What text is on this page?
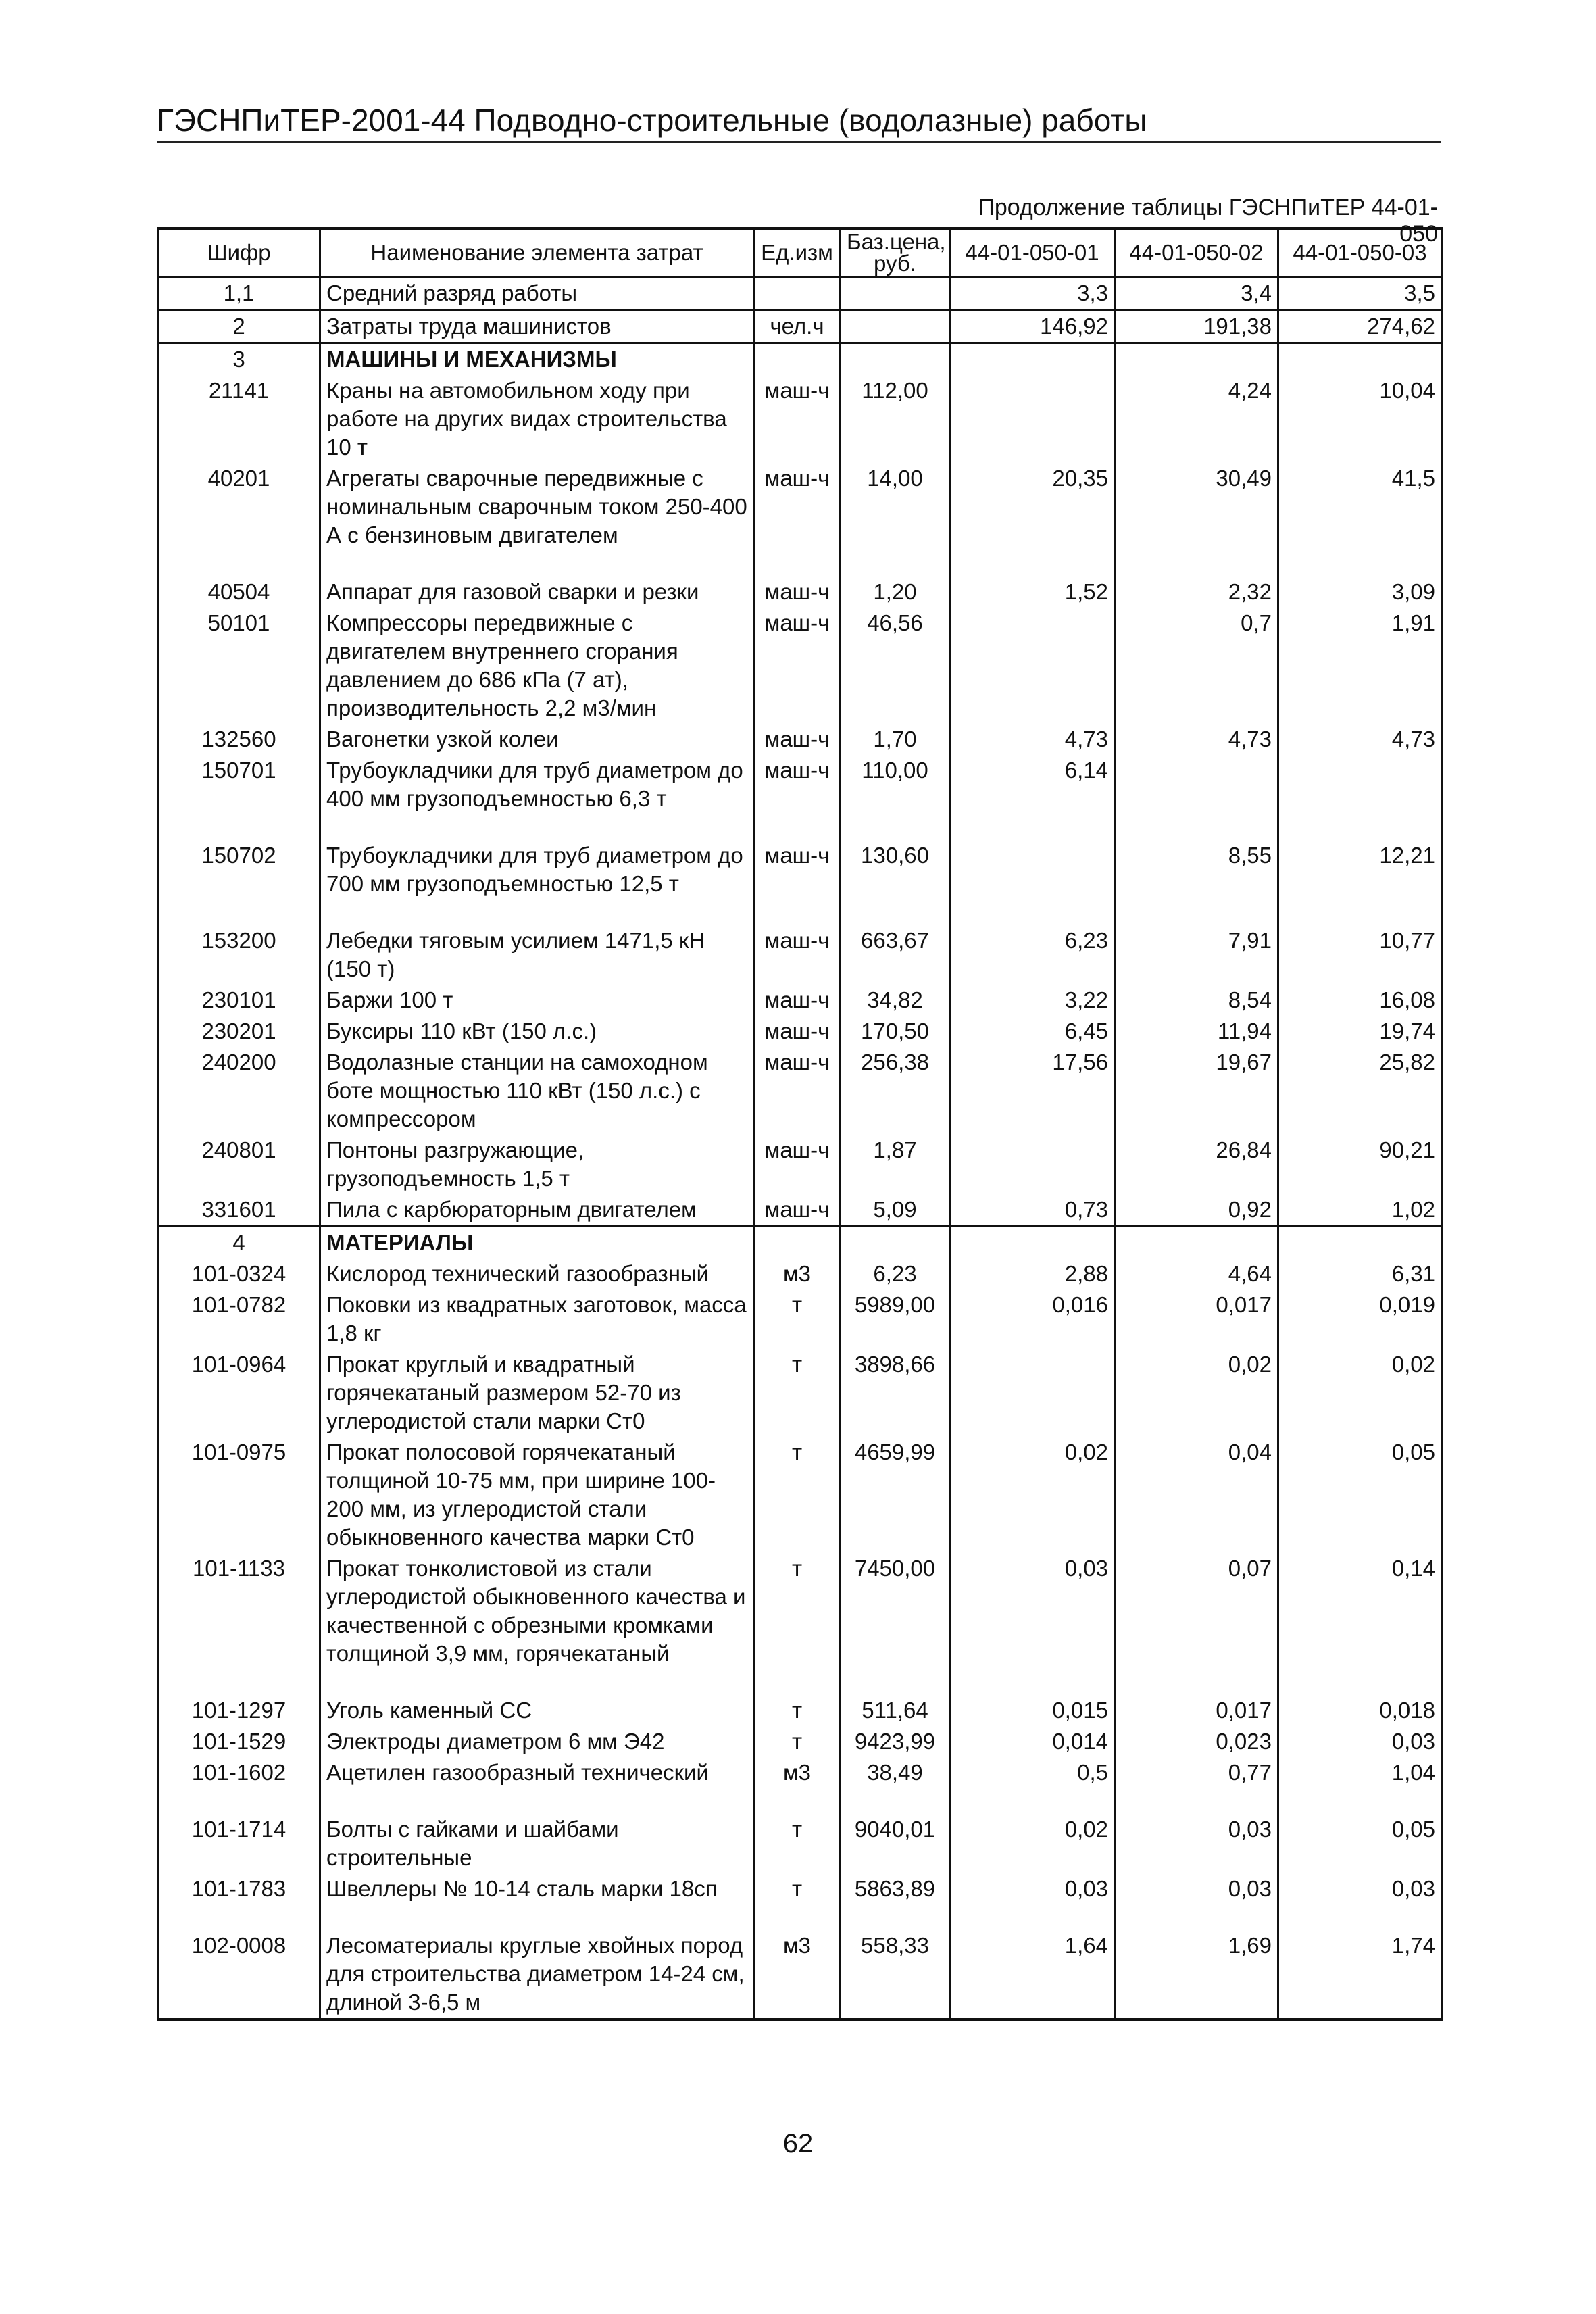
ГЭСНПиТЕР-2001-44 Подводно-строительные (водолазные) работы
Продолжение таблицы ГЭСНПиТЕР 44-01-050
Шифр	Наименование элемента затрат	Ед.изм	Баз.цена, руб.	44-01-050-01	44-01-050-02	44-01-050-03
1,1	Средний разряд работы			3,3	3,4	3,5
2	Затраты труда машинистов	чел.ч		146,92	191,38	274,62
3	МАШИНЫ И МЕХАНИЗМЫ					
21141	Краны на автомобильном ходу при работе на других видах строительства 10 т	маш-ч	112,00		4,24	10,04
40201	Агрегаты сварочные передвижные с номинальным сварочным током 250-400 А с бензиновым двигателем	маш-ч	14,00	20,35	30,49	41,5
40504	Аппарат для газовой сварки и резки	маш-ч	1,20	1,52	2,32	3,09
50101	Компрессоры передвижные с двигателем внутреннего сгорания давлением до 686 кПа (7 ат), производительность 2,2 м3/мин	маш-ч	46,56		0,7	1,91
132560	Вагонетки узкой колеи	маш-ч	1,70	4,73	4,73	4,73
150701	Трубоукладчики для труб диаметром до 400 мм грузоподъемностью 6,3 т	маш-ч	110,00	6,14		
150702	Трубоукладчики для труб диаметром до 700 мм грузоподъемностью 12,5 т	маш-ч	130,60		8,55	12,21
153200	Лебедки тяговым усилием 1471,5 кН (150 т)	маш-ч	663,67	6,23	7,91	10,77
230101	Баржи 100 т	маш-ч	34,82	3,22	8,54	16,08
230201	Буксиры 110 кВт (150 л.с.)	маш-ч	170,50	6,45	11,94	19,74
240200	Водолазные станции на самоходном боте мощностью 110 кВт (150 л.с.) с компрессором	маш-ч	256,38	17,56	19,67	25,82
240801	Понтоны разгружающие, грузоподъемность 1,5 т	маш-ч	1,87		26,84	90,21
331601	Пила с карбюраторным двигателем	маш-ч	5,09	0,73	0,92	1,02
4	МАТЕРИАЛЫ					
101-0324	Кислород технический газообразный	м3	6,23	2,88	4,64	6,31
101-0782	Поковки из квадратных заготовок, масса 1,8 кг	т	5989,00	0,016	0,017	0,019
101-0964	Прокат круглый и квадратный горячекатаный размером 52-70 из углеродистой стали марки Ст0	т	3898,66		0,02	0,02
101-0975	Прокат полосовой горячекатаный толщиной 10-75 мм, при ширине 100-200 мм, из углеродистой стали обыкновенного качества марки Ст0	т	4659,99	0,02	0,04	0,05
101-1133	Прокат тонколистовой из стали углеродистой обыкновенного качества и качественной с обрезными кромками толщиной 3,9 мм, горячекатаный	т	7450,00	0,03	0,07	0,14
101-1297	Уголь каменный СС	т	511,64	0,015	0,017	0,018
101-1529	Электроды диаметром 6 мм Э42	т	9423,99	0,014	0,023	0,03
101-1602	Ацетилен газообразный технический	м3	38,49	0,5	0,77	1,04
101-1714	Болты с гайками и шайбами строительные	т	9040,01	0,02	0,03	0,05
101-1783	Швеллеры № 10-14 сталь марки 18сп	т	5863,89	0,03	0,03	0,03
102-0008	Лесоматериалы круглые хвойных пород для строительства диаметром 14-24 см, длиной 3-6,5 м	м3	558,33	1,64	1,69	1,74
62
